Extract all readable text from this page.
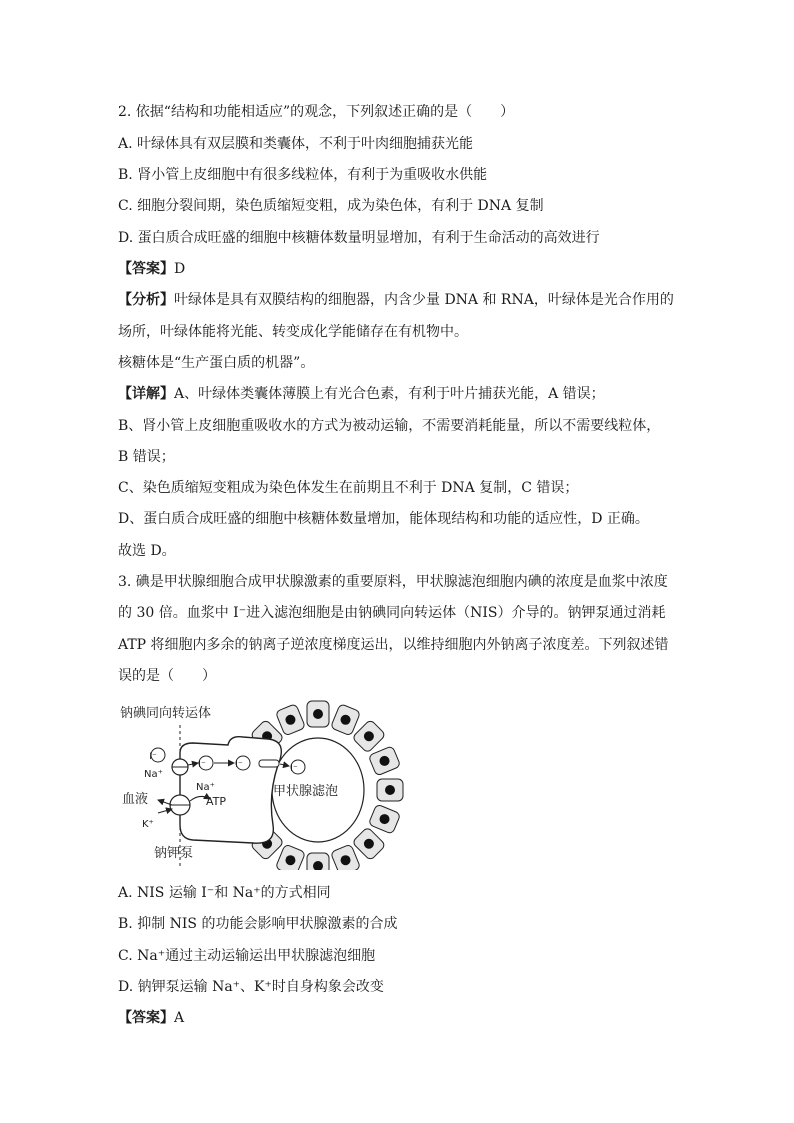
2. 依据“结构和功能相适应”的观念，下列叙述正确的是（　　）
A. 叶绿体具有双层膜和类囊体，不利于叶肉细胞捕获光能
B. 肾小管上皮细胞中有很多线粒体，有利于为重吸收水供能
C. 细胞分裂间期，染色质缩短变粗，成为染色体，有利于 DNA 复制
D. 蛋白质合成旺盛的细胞中核糖体数量明显增加，有利于生命活动的高效进行
【答案】D
【分析】叶绿体是具有双膜结构的细胞器，内含少量 DNA 和 RNA，叶绿体是光合作用的
场所，叶绿体能将光能、转变成化学能储存在有机物中。
核糖体是“生产蛋白质的机器”。
【详解】A、叶绿体类囊体薄膜上有光合色素，有利于叶片捕获光能，A 错误；
B、肾小管上皮细胞重吸收水的方式为被动运输，不需要消耗能量，所以不需要线粒体，
B 错误；
C、染色质缩短变粗成为染色体发生在前期且不利于 DNA 复制，C 错误；
D、蛋白质合成旺盛的细胞中核糖体数量增加，能体现结构和功能的适应性，D 正确。
故选 D。
3. 碘是甲状腺细胞合成甲状腺激素的重要原料，甲状腺滤泡细胞内碘的浓度是血浆中浓度
的 30 倍。血浆中 I⁻进入滤泡细胞是由钠碘同向转运体（NIS）介导的。钠钾泵通过消耗
ATP 将细胞内多余的钠离子逆浓度梯度运出，以维持细胞内外钠离子浓度差。下列叙述错
误的是（　　）
钠碘同向转运体
I⁻
Na⁺
I⁻	I⁻	I⁻
Na⁺
ATP
血液
K⁺
甲状腺滤泡
钠钾泵
A. NIS 运输 I⁻和 Na⁺的方式相同
B. 抑制 NIS 的功能会影响甲状腺激素的合成
C. Na⁺通过主动运输运出甲状腺滤泡细胞
D. 钠钾泵运输 Na⁺、K⁺时自身构象会改变
【答案】A
